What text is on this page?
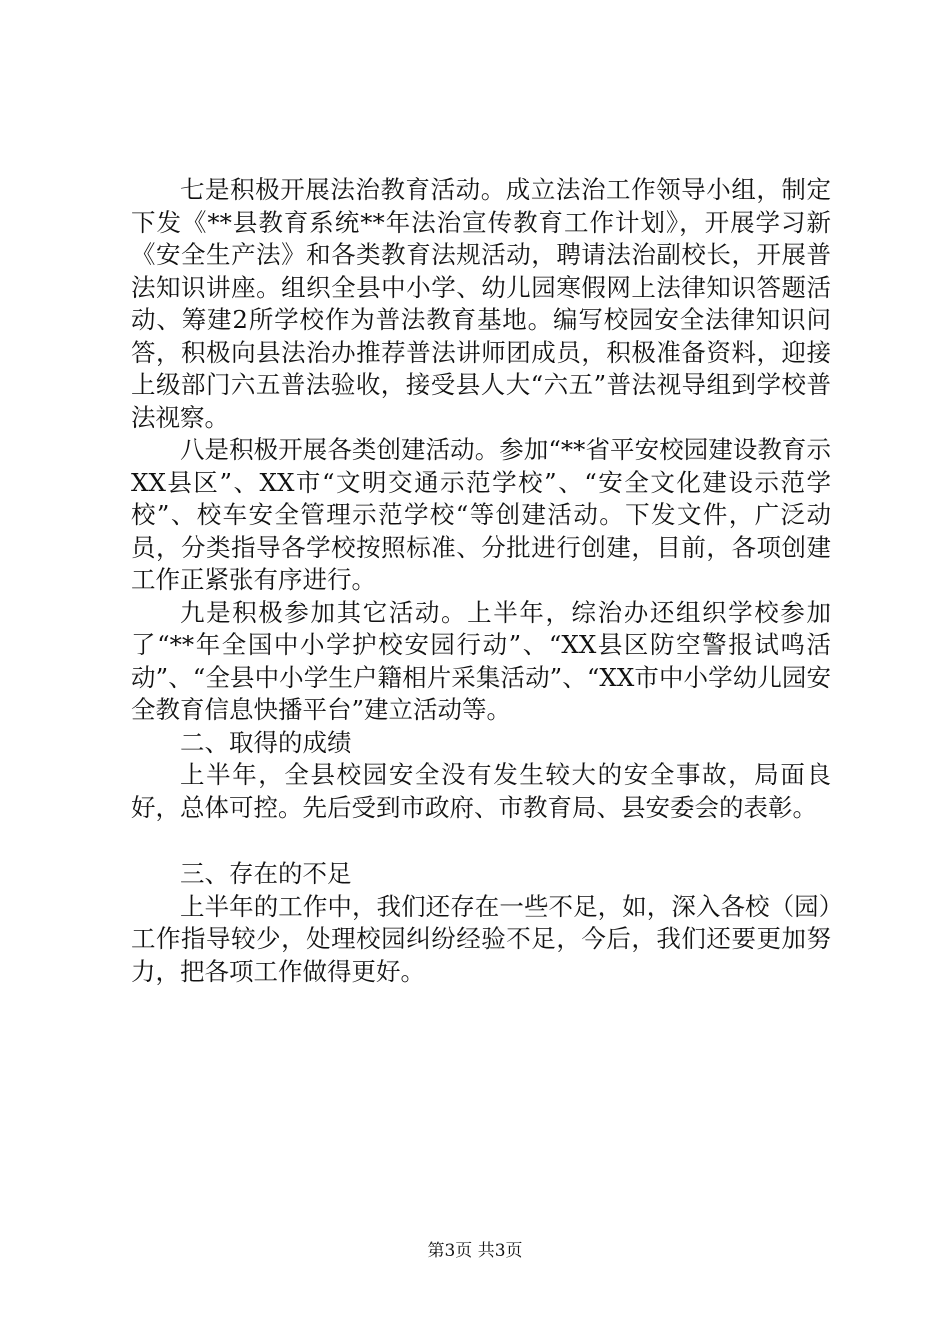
七是积极开展法治教育活动。成立法治工作领导小组，制定下发《**县教育系统**年法治宣传教育工作计划》，开展学习新《安全生产法》和各类教育法规活动，聘请法治副校长，开展普法知识讲座。组织全县中小学、幼儿园寒假网上法律知识答题活动、筹建2所学校作为普法教育基地。编写校园安全法律知识问答，积极向县法治办推荐普法讲师团成员，积极准备资料，迎接上级部门六五普法验收，接受县人大“六五”普法视导组到学校普法视察。

八是积极开展各类创建活动。参加“**省平安校园建设教育示XX县区”、XX市“文明交通示范学校”、“安全文化建设示范学校”、校车安全管理示范学校“等创建活动。下发文件，广泛动员，分类指导各学校按照标准、分批进行创建，目前，各项创建工作正紧张有序进行。

九是积极参加其它活动。上半年，综治办还组织学校参加了“**年全国中小学护校安园行动”、“XX县区防空警报试鸣活动”、“全县中小学生户籍相片采集活动”、“XX市中小学幼儿园安全教育信息快播平台”建立活动等。

二、取得的成绩

上半年，全县校园安全没有发生较大的安全事故，局面良好，总体可控。先后受到市政府、市教育局、县安委会的表彰。

三、存在的不足

上半年的工作中，我们还存在一些不足，如，深入各校（园）工作指导较少，处理校园纠纷经验不足，今后，我们还要更加努力，把各项工作做得更好。

第3页 共3页
